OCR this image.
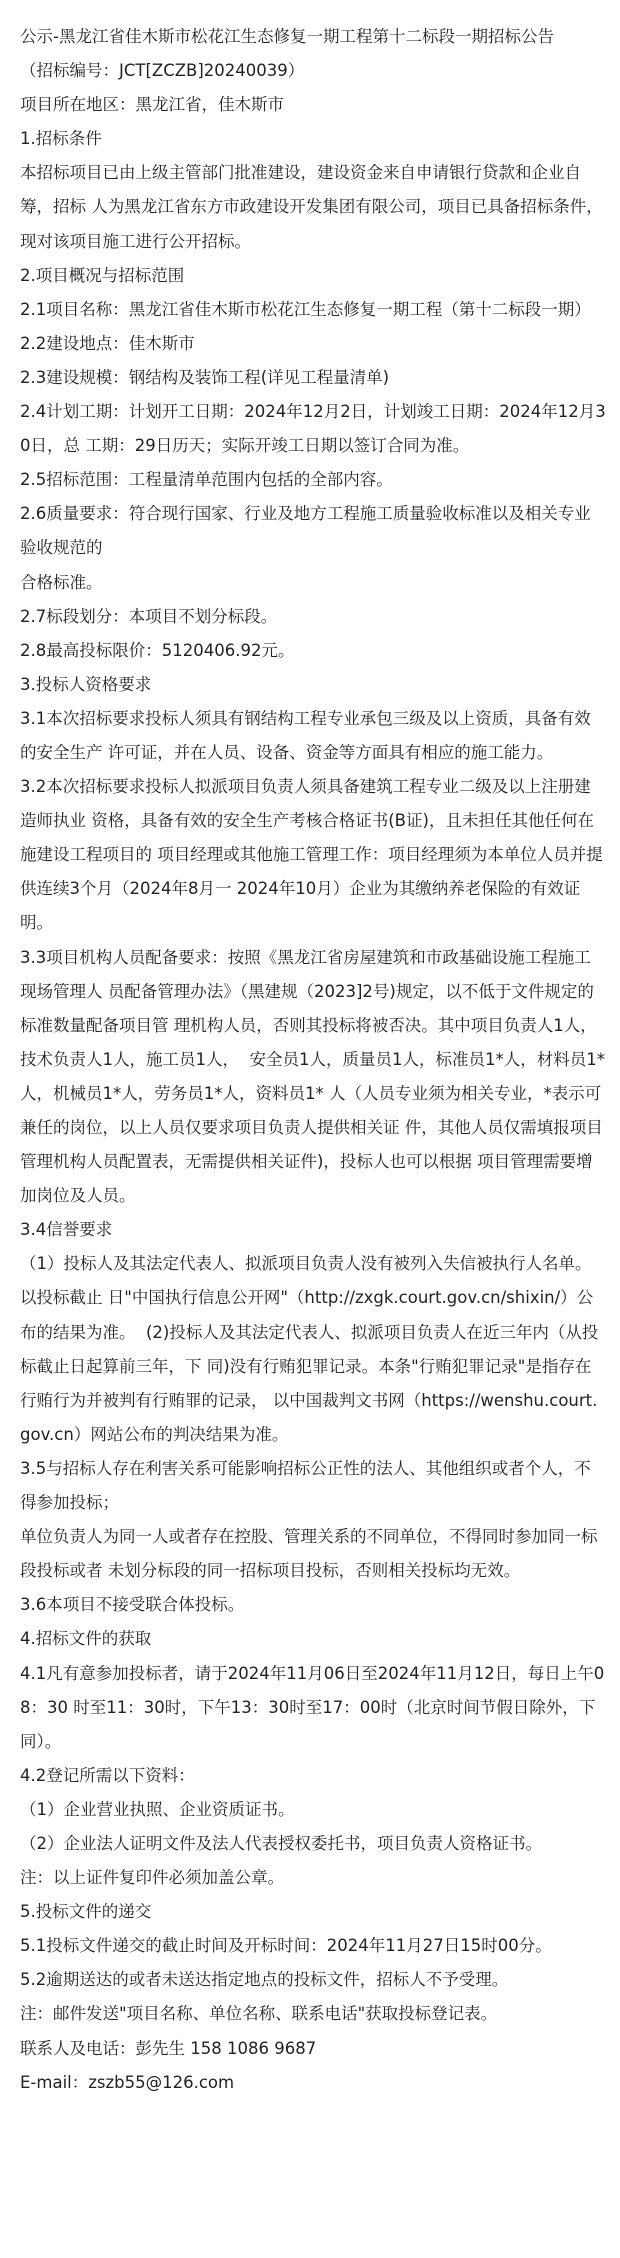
公示-黑龙江省佳木斯市松花江生态修复一期工程第十二标段一期招标公告

（招标编号：JCT[ZCZB]20240039）

项目所在地区：黑龙江省，佳木斯市

1.招标条件

本招标项目已由上级主管部门批准建设，建设资金来自申请银行贷款和企业自筹，招标 人为黑龙江省东方市政建设开发集团有限公司，项目已具备招标条件，现对该项目施工进行公开招标。

2.项目概况与招标范围

2.1项目名称：黑龙江省佳木斯市松花江生态修复一期工程（第十二标段一期）

2.2建设地点：佳木斯市

2.3建设规模：钢结构及装饰工程(详见工程量清单)

2.4计划工期：计划开工日期：2024年12月2日，计划竣工日期：2024年12月30日，总 工期：29日历天；实际开竣工日期以签订合同为准。

2.5招标范围：工程量清单范围内包括的全部内容。

2.6质量要求：符合现行国家、行业及地方工程施工质量验收标准以及相关专业验收规范的

合格标准。

2.7标段划分：本项目不划分标段。

2.8最高投标限价：5120406.92元。

3.投标人资格要求

3.1本次招标要求投标人须具有钢结构工程专业承包三级及以上资质，具备有效的安全生产 许可证，并在人员、设备、资金等方面具有相应的施工能力。

3.2本次招标要求投标人拟派项目负责人须具备建筑工程专业二级及以上注册建造师执业 资格，具备有效的安全生产考核合格证书(B证)，且未担任其他任何在施建设工程项目的 项目经理或其他施工管理工作：项目经理须为本单位人员并提供连续3个月（2024年8月一 2024年10月）企业为其缴纳养老保险的有效证明。

3.3项目机构人员配备要求：按照《黑龙江省房屋建筑和市政基础设施工程施工现场管理人 员配备管理办法》（黑建规（2023]2号)规定，以不低于文件规定的标准数量配备项目管 理机构人员，否则其投标将被否决。其中项目负责人1人，技术负责人1人，施工员1人，  安全员1人，质量员1人，标准员1*人，材料员1*人，机械员1*人，劳务员1*人，资料员1* 人（人员专业须为相关专业，*表示可兼任的岗位，以上人员仅要求项目负责人提供相关证 件，其他人员仅需填报项目管理机构人员配置表，无需提供相关证件)，投标人也可以根据 项目管理需要增加岗位及人员。

3.4信誉要求

（1）投标人及其法定代表人、拟派项目负责人没有被列入失信被执行人名单。以投标截止 日"中国执行信息公开网"（http://zxgk.court.gov.cn/shixin/）公布的结果为准。  (2)投标人及其法定代表人、拟派项目负责人在近三年内（从投标截止日起算前三年，下 同)没有行贿犯罪记录。本条"行贿犯罪记录"是指存在行贿行为并被判有行贿罪的记录， 以中国裁判文书网（https://wenshu.court.gov.cn）网站公布的判决结果为准。

3.5与招标人存在利害关系可能影响招标公正性的法人、其他组织或者个人，不得参加投标；

单位负责人为同一人或者存在控股、管理关系的不同单位，不得同时参加同一标段投标或者 未划分标段的同一招标项目投标，否则相关投标均无效。

3.6本项目不接受联合体投标。

4.招标文件的获取

4.1凡有意参加投标者，请于2024年11月06日至2024年11月12日，每日上午08：30 时至11：30时，下午13：30时至17：00时（北京时间节假日除外，下同）。

4.2登记所需以下资料：

（1）企业营业执照、企业资质证书。

（2）企业法人证明文件及法人代表授权委托书，项目负责人资格证书。

注：以上证件复印件必须加盖公章。

5.投标文件的递交

5.1投标文件递交的截止时间及开标时间：2024年11月27日15时00分。

5.2逾期送达的或者未送达指定地点的投标文件，招标人不予受理。

注：邮件发送"项目名称、单位名称、联系电话"获取投标登记表。

联系人及电话：彭先生 158 1086 9687

E-mail：zszb55@126.com
